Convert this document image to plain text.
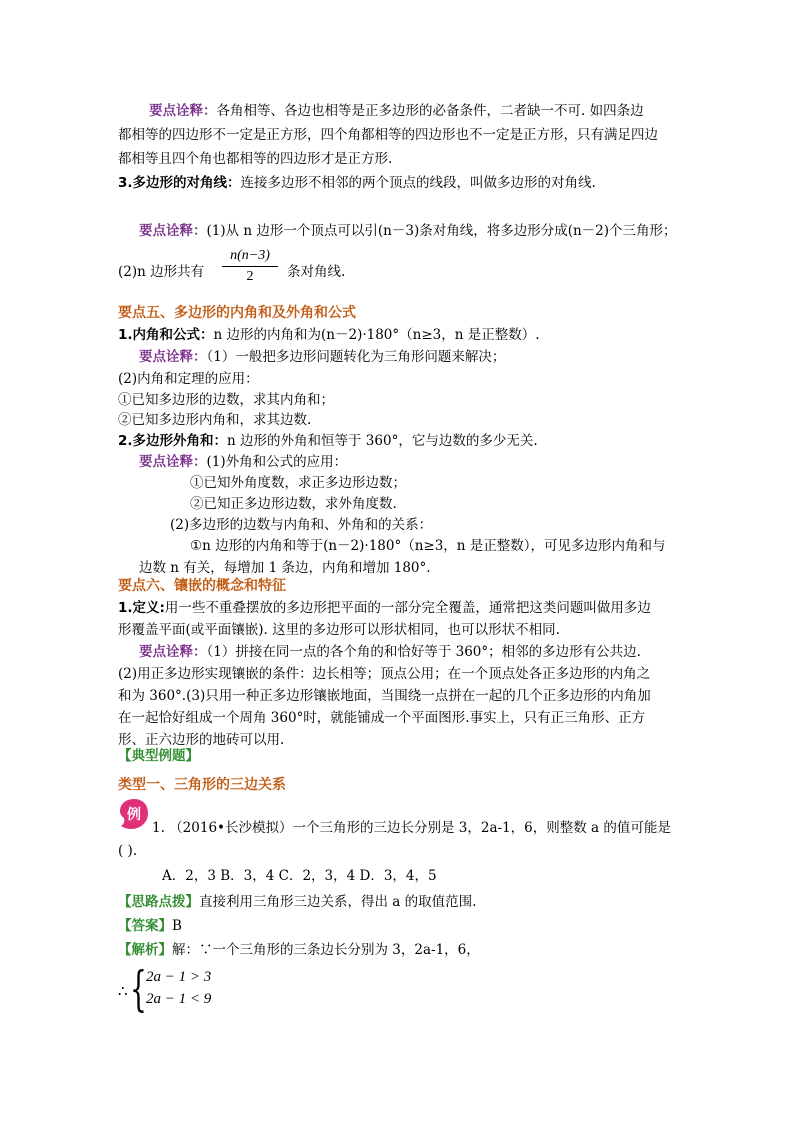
要点诠释：各角相等、各边也相等是正多边形的必备条件，二者缺一不可. 如四条边
都相等的四边形不一定是正方形，四个角都相等的四边形也不一定是正方形，只有满足四边
都相等且四个角也都相等的四边形才是正方形.
3.多边形的对角线：连接多边形不相邻的两个顶点的线段，叫做多边形的对角线.
要点诠释：(1)从 n 边形一个顶点可以引(n－3)条对角线，将多边形分成(n－2)个三角形；
(2)n 边形共有 $\frac{n(n-3)}{2}$ 条对角线.
要点五、多边形的内角和及外角和公式
1.内角和公式：n 边形的内角和为(n－2)·180°（n≥3，n 是正整数）.
要点诠释：（1）一般把多边形问题转化为三角形问题来解决；
(2)内角和定理的应用：
①已知多边形的边数，求其内角和；
②已知多边形内角和，求其边数.
2.多边形外角和：n 边形的外角和恒等于 360°，它与边数的多少无关.
要点诠释：(1)外角和公式的应用：
①已知外角度数，求正多边形边数；
②已知正多边形边数，求外角度数.
(2)多边形的边数与内角和、外角和的关系：
①n 边形的内角和等于(n－2)·180°（n≥3，n 是正整数），可见多边形内角和与
边数 n 有关，每增加 1 条边，内角和增加 180°.
要点六、镶嵌的概念和特征
1.定义:用一些不重叠摆放的多边形把平面的一部分完全覆盖，通常把这类问题叫做用多边
形覆盖平面(或平面镶嵌). 这里的多边形可以形状相同，也可以形状不相同.
要点诠释：（1）拼接在同一点的各个角的和恰好等于 360°；相邻的多边形有公共边.
(2)用正多边形实现镶嵌的条件：边长相等；顶点公用；在一个顶点处各正多边形的内角之
和为 360°.(3)只用一种正多边形镶嵌地面，当围绕一点拼在一起的几个正多边形的内角加
在一起恰好组成一个周角 360°时，就能铺成一个平面图形.事实上，只有正三角形、正方
形、正六边形的地砖可以用.
【典型例题】
类型一、三角形的三边关系
例
1. （2016•长沙模拟）一个三角形的三边长分别是 3，2a-1，6，则整数 a 的值可能是
( ).
A．2，3 B．3，4 C．2，3，4 D．3，4，5
【思路点拨】直接利用三角形三边关系，得出 a 的取值范围.
【答案】B
【解析】解：∵一个三角形的三条边长分别为 3，2a-1，6，
∴ { 2a − 1 > 3
2a − 1 < 9
